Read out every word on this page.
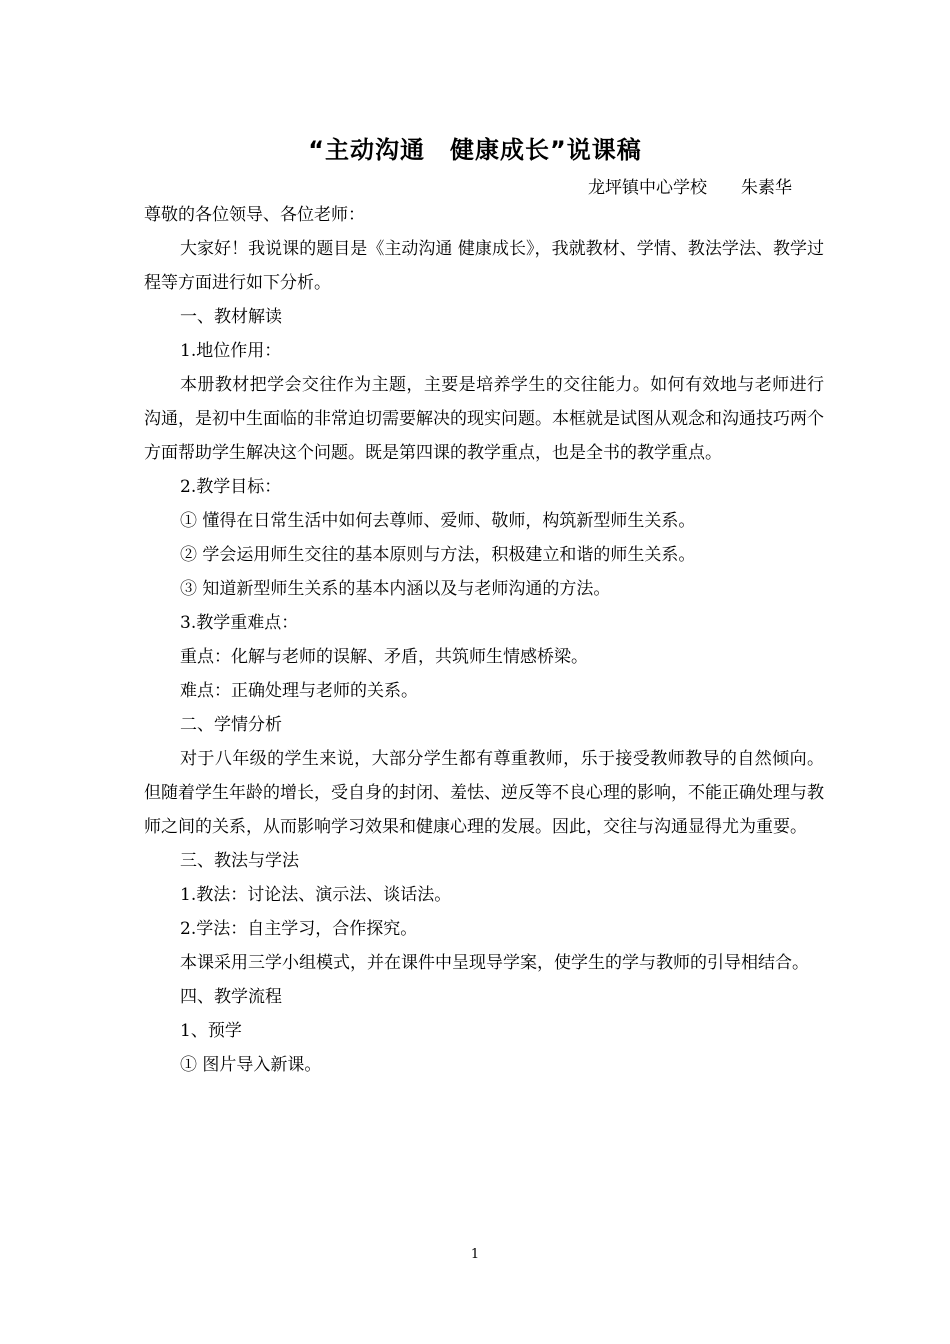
“主动沟通　健康成长”说课稿
龙坪镇中心学校　　朱素华

尊敬的各位领导、各位老师：

大家好！我说课的题目是《主动沟通 健康成长》，我就教材、学情、教法学法、教学过程等方面进行如下分析。

一、教材解读

1.地位作用：

本册教材把学会交往作为主题，主要是培养学生的交往能力。如何有效地与老师进行沟通，是初中生面临的非常迫切需要解决的现实问题。本框就是试图从观念和沟通技巧两个方面帮助学生解决这个问题。既是第四课的教学重点，也是全书的教学重点。

2.教学目标：

① 懂得在日常生活中如何去尊师、爱师、敬师，构筑新型师生关系。

② 学会运用师生交往的基本原则与方法，积极建立和谐的师生关系。

③ 知道新型师生关系的基本内涵以及与老师沟通的方法。

3.教学重难点：

重点：化解与老师的误解、矛盾，共筑师生情感桥梁。

难点：正确处理与老师的关系。

二、学情分析

对于八年级的学生来说，大部分学生都有尊重教师，乐于接受教师教导的自然倾向。但随着学生年龄的增长，受自身的封闭、羞怯、逆反等不良心理的影响，不能正确处理与教师之间的关系，从而影响学习效果和健康心理的发展。因此，交往与沟通显得尤为重要。

三、教法与学法

1.教法：讨论法、演示法、谈话法。

2.学法：自主学习，合作探究。

本课采用三学小组模式，并在课件中呈现导学案，使学生的学与教师的引导相结合。

四、教学流程

1、预学

① 图片导入新课。

1
